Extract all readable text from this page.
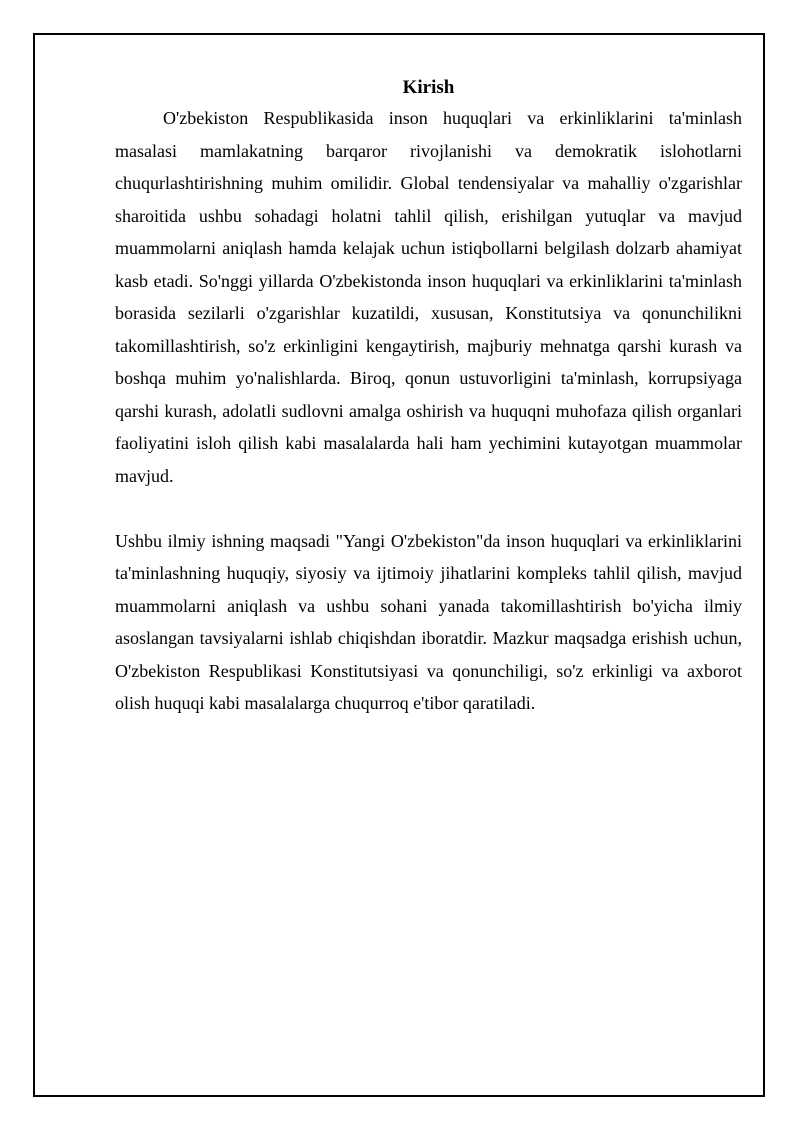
Kirish

O'zbekiston Respublikasida inson huquqlari va erkinliklarini ta'minlash masalasi mamlakatning barqaror rivojlanishi va demokratik islohotlarni chuqurlashtirishning muhim omilidir. Global tendensiyalar va mahalliy o'zgarishlar sharoitida ushbu sohadagi holatni tahlil qilish, erishilgan yutuqlar va mavjud muammolarni aniqlash hamda kelajak uchun istiqbollarni belgilash dolzarb ahamiyat kasb etadi. So'nggi yillarda O'zbekistonda inson huquqlari va erkinliklarini ta'minlash borasida sezilarli o'zgarishlar kuzatildi, xususan, Konstitutsiya va qonunchilikni takomillashtirish, so'z erkinligini kengaytirish, majburiy mehnatga qarshi kurash va boshqa muhim yo'nalishlarda. Biroq, qonun ustuvorligini ta'minlash, korrupsiyaga qarshi kurash, adolatli sudlovni amalga oshirish va huquqni muhofaza qilish organlari faoliyatini isloh qilish kabi masalalarda hali ham yechimini kutayotgan muammolar mavjud.

Ushbu ilmiy ishning maqsadi "Yangi O'zbekiston"da inson huquqlari va erkinliklarini ta'minlashning huquqiy, siyosiy va ijtimoiy jihatlarini kompleks tahlil qilish, mavjud muammolarni aniqlash va ushbu sohani yanada takomillashtirish bo'yicha ilmiy asoslangan tavsiyalarni ishlab chiqishdan iboratdir. Mazkur maqsadga erishish uchun, O'zbekiston Respublikasi Konstitutsiyasi va qonunchiligi, so'z erkinligi va axborot olish huquqi kabi masalalarga chuqurroq e'tibor qaratiladi.
